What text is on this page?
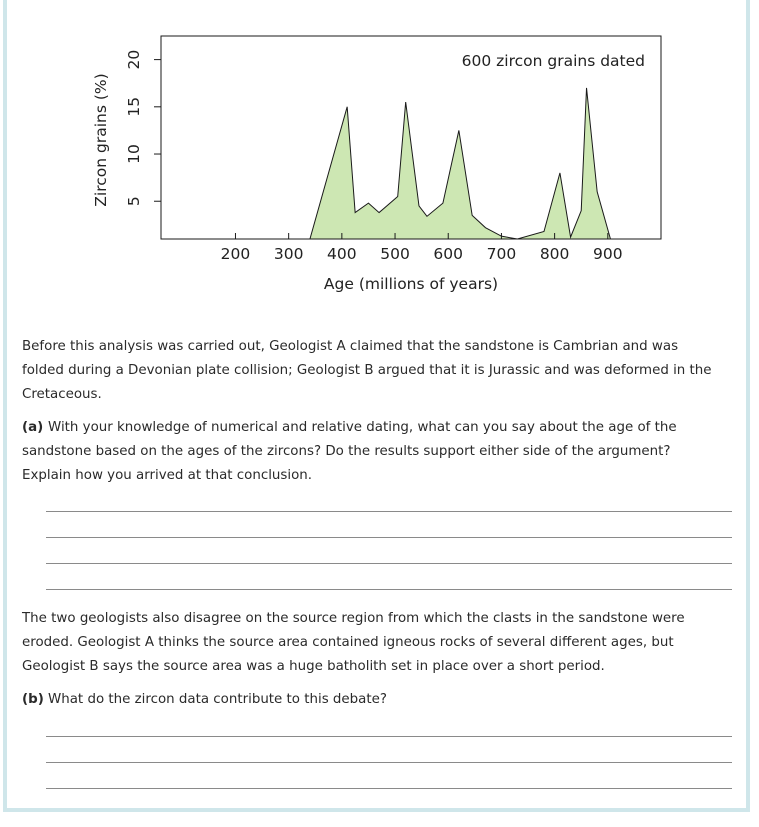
600 zircon grains dated
200 300 400 500 600 700 800 900
5
10
15
20
Age (millions of years)
Zircon grains (%)
Before this analysis was carried out, Geologist A claimed that the sandstone is Cambrian and was folded during a Devonian plate collision; Geologist B argued that it is Jurassic and was deformed in the Cretaceous.
(a) With your knowledge of numerical and relative dating, what can you say about the age of the sandstone based on the ages of the zircons? Do the results support either side of the argument? Explain how you arrived at that conclusion.
The two geologists also disagree on the source region from which the clasts in the sandstone were eroded. Geologist A thinks the source area contained igneous rocks of several different ages, but Geologist B says the source area was a huge batholith set in place over a short period.
(b) What do the zircon data contribute to this debate?
